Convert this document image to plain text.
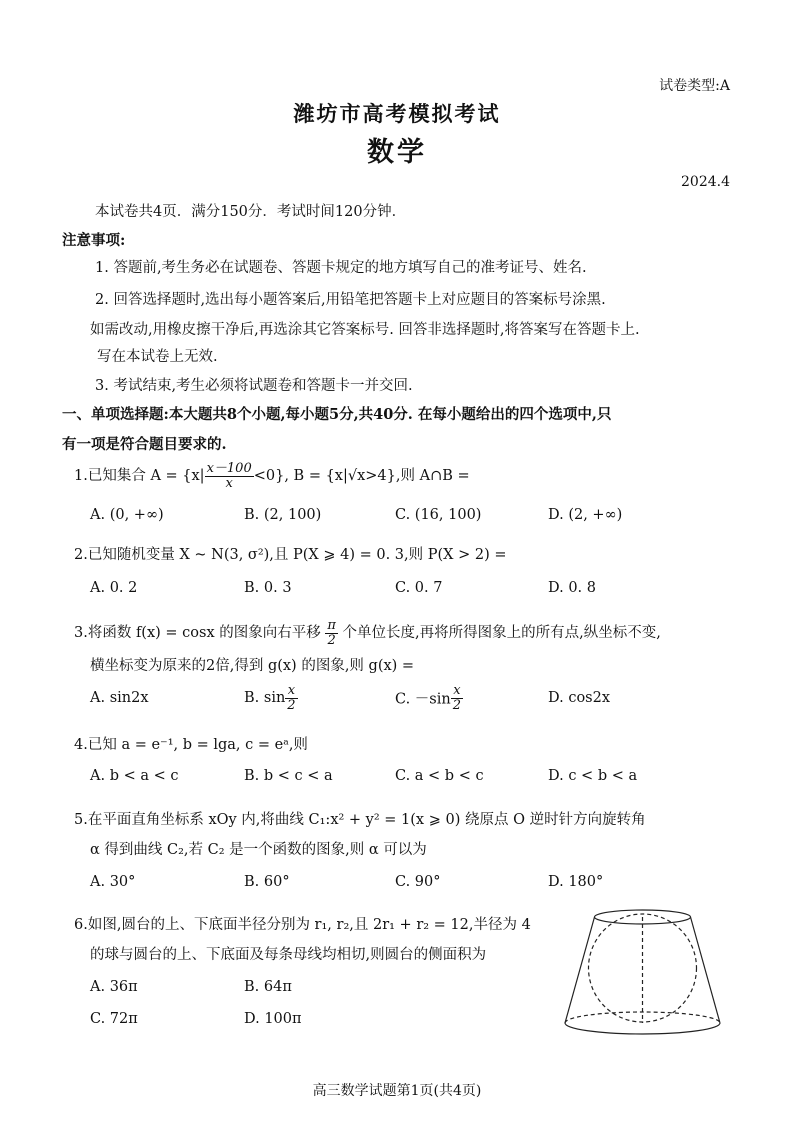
试卷类型:A
潍坊市高考模拟考试
数学
2024.4
本试卷共4页．满分150分．考试时间120分钟．
注意事项:
1. 答题前,考生务必在试题卷、答题卡规定的地方填写自己的准考证号、姓名.
2. 回答选择题时,选出每小题答案后,用铅笔把答题卡上对应题目的答案标号涂黑.
如需改动,用橡皮擦干净后,再选涂其它答案标号. 回答非选择题时,将答案写在答题卡上.
写在本试卷上无效.
3. 考试结束,考生必须将试题卷和答题卡一并交回.
一、单项选择题:本大题共8个小题,每小题5分,共40分. 在每小题给出的四个选项中,只
有一项是符合题目要求的.
1.已知集合 $A = \{x| \frac{x-100}{x} <0\}$, B = {x|√x>4},则 A∩B =
A. (0, +∞)	B. (2, 100)	C. (16, 100)	D. (2, +∞)
2.已知随机变量 X ~ N(3, σ²),且 P(X ⩾ 4) = 0. 3,则 P(X > 2) =
A. 0. 2	B. 0. 3	C. 0. 7	D. 0. 8
3.将函数 f(x) = cosx 的图象向右平移 $\frac{\pi}{2}$ 个单位长度,再将所得图象上的所有点,纵坐标不变,
横坐标变为原来的2倍,得到 g(x) 的图象,则 g(x) =
A. sin2x	B. $\sin \frac{x}{2}$	C. $-\sin \frac{x}{2}$	D. cos2x
4.已知 a = e⁻¹, b = lga, c = eᵃ,则
A. b < a < c	B. b < c < a	C. a < b < c	D. c < b < a
5.在平面直角坐标系 xOy 内,将曲线 C₁:x² + y² = 1(x ⩾ 0) 绕原点 O 逆时针方向旋转角
α 得到曲线 C₂,若 C₂ 是一个函数的图象,则 α 可以为
A. 30°	B. 60°	C. 90°	D. 180°
6.如图,圆台的上、下底面半径分别为 r₁, r₂,且 2r₁ + r₂ = 12,半径为 4
的球与圆台的上、下底面及每条母线均相切,则圆台的侧面积为
A. 36π	B. 64π
C. 72π	D. 100π
高三数学试题第1页(共4页)
